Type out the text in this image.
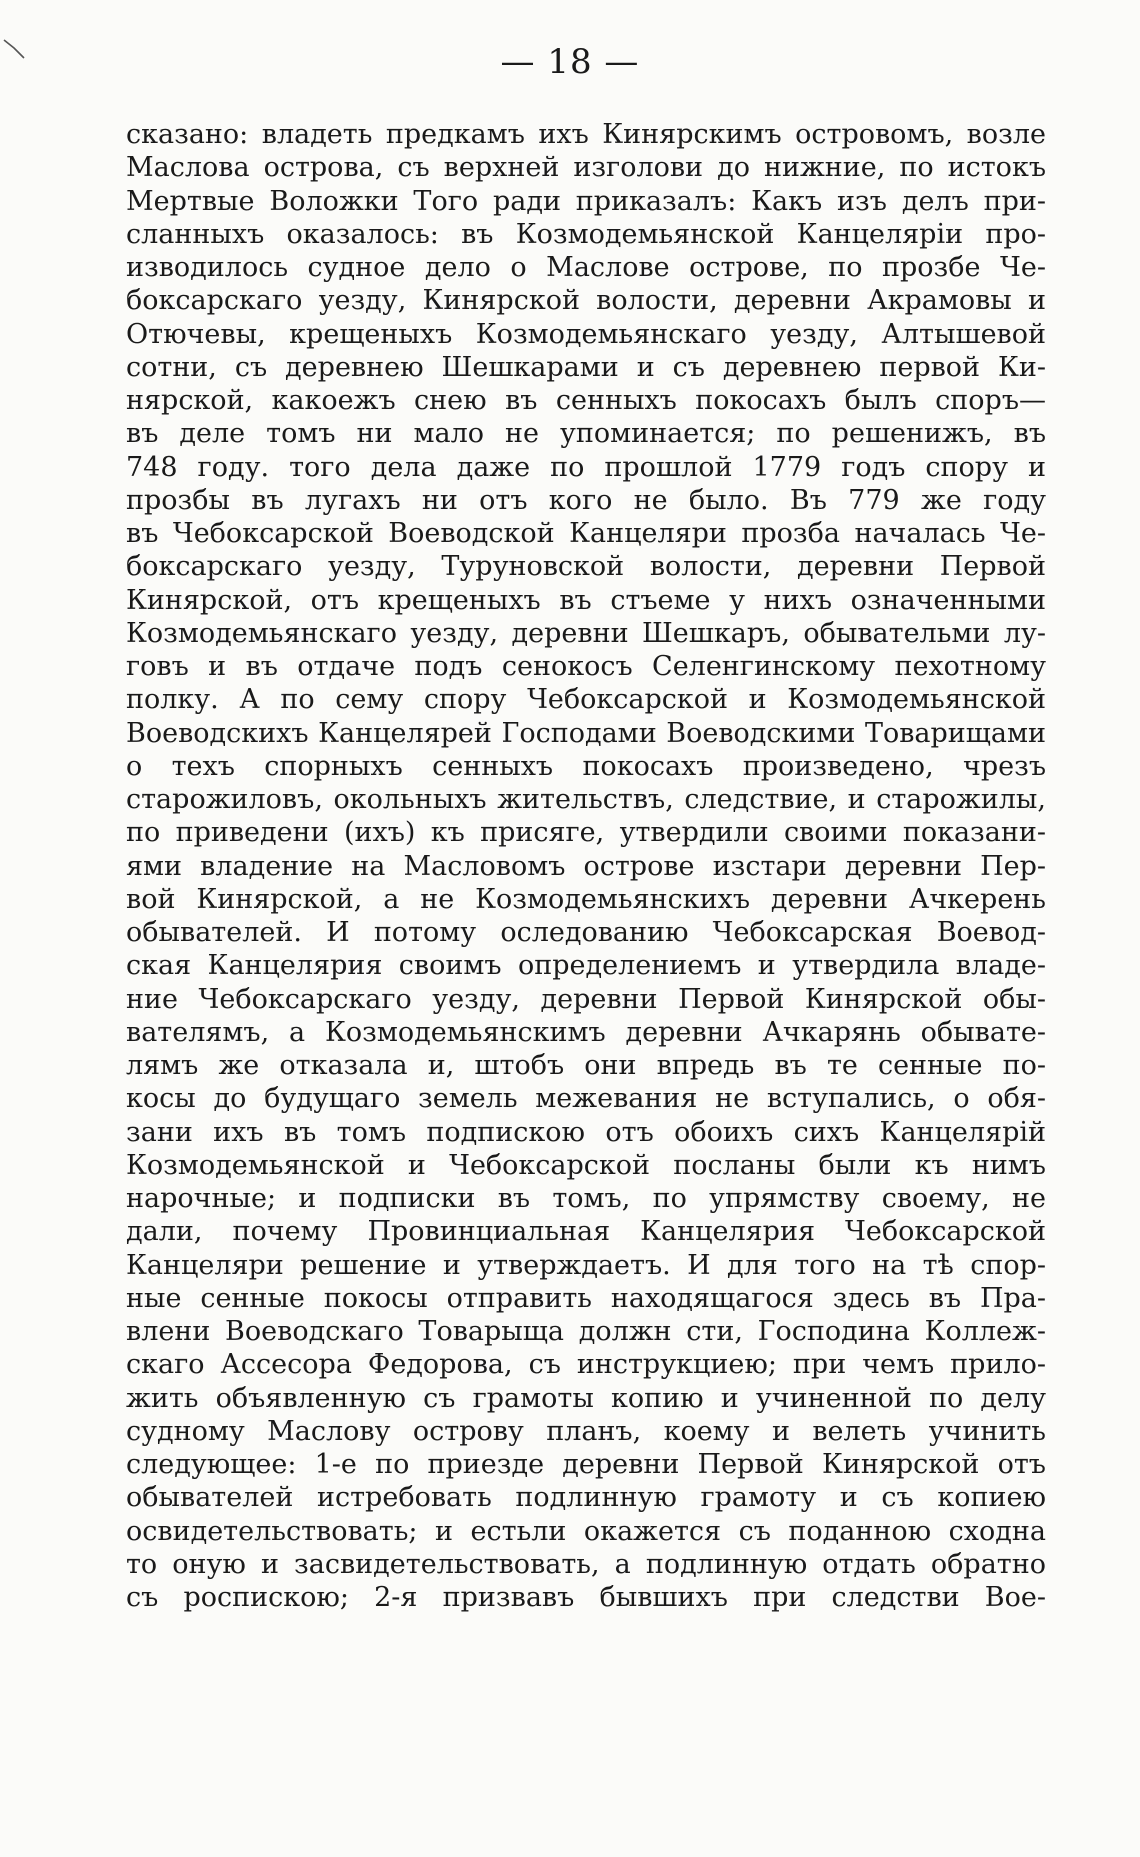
— 18 —
сказано: владеть предкамъ ихъ Кинярскимъ островомъ, возле
Маслова острова, съ верхней изголови до нижние, по истокъ
Мертвые Воложки Того ради приказалъ: Какъ изъ делъ при-
сланныхъ оказалось: въ Козмодемьянской Канцеляріи про-
изводилось судное дело о Маслове острове, по прозбе Че-
боксарскаго уезду, Кинярской волости, деревни Акрамовы и
Отючевы, крещеныхъ Козмодемьянскаго уезду, Алтышевой
сотни, съ деревнею Шешкарами и съ деревнею первой Ки-
нярской, какоежъ снею въ сенныхъ покосахъ былъ споръ—
въ деле томъ ни мало не упоминается; по решенижъ, въ
748 году. того дела даже по прошлой 1779 годъ спору и
прозбы въ лугахъ ни отъ кого не было. Въ 779 же году
въ Чебоксарской Воеводской Канцеляри прозба началась Че-
боксарскаго уезду, Туруновской волости, деревни Первой
Кинярской, отъ крещеныхъ въ стъеме у нихъ означенными
Козмодемьянскаго уезду, деревни Шешкаръ, обывательми лу-
говъ и въ отдаче подъ сенокосъ Селенгинскому пехотному
полку. А по сему спору Чебоксарской и Козмодемьянской
Воеводскихъ Канцелярей Господами Воеводскими Товарищами
о техъ спорныхъ сенныхъ покосахъ произведено, чрезъ
старожиловъ, окольныхъ жительствъ, следствие, и старожилы,
по приведени (ихъ) къ присяге, утвердили своими показани-
ями владение на Масловомъ острове изстари деревни Пер-
вой Кинярской, а не Козмодемьянскихъ деревни Ачкерень
обывателей. И потому оследованию Чебоксарская Воевод-
ская Канцелярия своимъ определениемъ и утвердила владе-
ние Чебоксарскаго уезду, деревни Первой Кинярской обы-
вателямъ, а Козмодемьянскимъ деревни Ачкарянь обывате-
лямъ же отказала и, штобъ они впредь въ те сенные по-
косы до будущаго земель межевания не вступались, о обя-
зани ихъ въ томъ подпискою отъ обоихъ сихъ Канцелярій
Козмодемьянской и Чебоксарской посланы были къ нимъ
нарочные; и подписки въ томъ, по упрямству своему, не
дали, почему Провинциальная Канцелярия Чебоксарской
Канцеляри решение и утверждаетъ. И для того на тѣ спор-
ные сенные покосы отправить находящагося здесь въ Пра-
влени Воеводскаго Товарыща должн сти, Господина Коллеж-
скаго Ассесора Федорова, съ инструкциею; при чемъ прило-
жить объявленную съ грамоты копию и учиненной по делу
судному Маслову острову планъ, коему и велеть учинить
следующее: 1-е по приезде деревни Первой Кинярской отъ
обывателей истребовать подлинную грамоту и съ копиею
освидетельствовать; и естьли окажется съ поданною сходна
то оную и засвидетельствовать, а подлинную отдать обратно
съ роспискою; 2-я призвавъ бывшихъ при следстви Вое-
